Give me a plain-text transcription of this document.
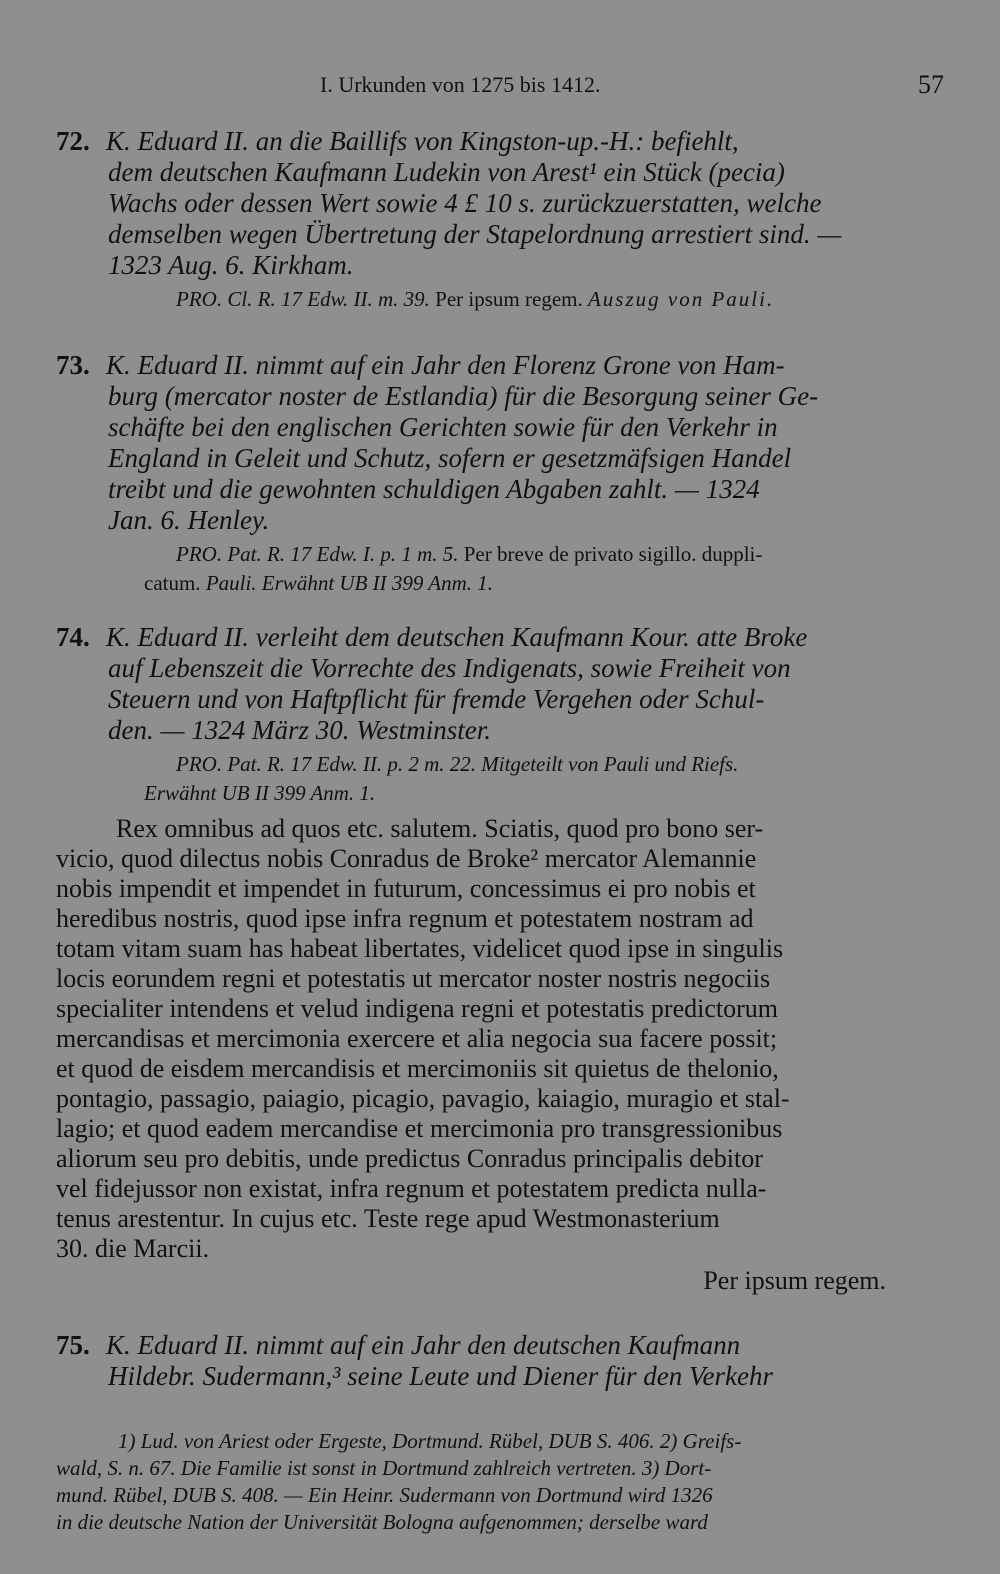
I. Urkunden von 1275 bis 1412.	57
72. K. Eduard II. an die Baillifs von Kingston-up.-H.: befiehlt,
dem deutschen Kaufmann Ludekin von Arest¹ ein Stück (pecia)
Wachs oder dessen Wert sowie 4 £ 10 s. zurückzuerstatten, welche
demselben wegen Übertretung der Stapelordnung arrestiert sind. —
1323 Aug. 6. Kirkham.
PRO. Cl. R. 17 Edw. II. m. 39. Per ipsum regem. Auszug von Pauli.
73. K. Eduard II. nimmt auf ein Jahr den Florenz Grone von Ham-
burg (mercator noster de Estlandia) für die Besorgung seiner Ge-
schäfte bei den englischen Gerichten sowie für den Verkehr in
England in Geleit und Schutz, sofern er gesetzmäfsigen Handel
treibt und die gewohnten schuldigen Abgaben zahlt. — 1324
Jan. 6. Henley.
PRO. Pat. R. 17 Edw. I. p. 1 m. 5. Per breve de privato sigillo. duppli-
catum. Pauli. Erwähnt UB II 399 Anm. 1.
74. K. Eduard II. verleiht dem deutschen Kaufmann Kour. atte Broke
auf Lebenszeit die Vorrechte des Indigenats, sowie Freiheit von
Steuern und von Haftpflicht für fremde Vergehen oder Schul-
den. — 1324 März 30. Westminster.
PRO. Pat. R. 17 Edw. II. p. 2 m. 22. Mitgeteilt von Pauli und Riefs.
Erwähnt UB II 399 Anm. 1.
Rex omnibus ad quos etc. salutem. Sciatis, quod pro bono ser-
vicio, quod dilectus nobis Conradus de Broke² mercator Alemannie
nobis impendit et impendet in futurum, concessimus ei pro nobis et
heredibus nostris, quod ipse infra regnum et potestatem nostram ad
totam vitam suam has habeat libertates, videlicet quod ipse in singulis
locis eorundem regni et potestatis ut mercator noster nostris negociis
specialiter intendens et velud indigena regni et potestatis predictorum
mercandisas et mercimonia exercere et alia negocia sua facere possit;
et quod de eisdem mercandisis et mercimoniis sit quietus de thelonio,
pontagio, passagio, paiagio, picagio, pavagio, kaiagio, muragio et stal-
lagio; et quod eadem mercandise et mercimonia pro transgressionibus
aliorum seu pro debitis, unde predictus Conradus principalis debitor
vel fidejussor non existat, infra regnum et potestatem predicta nulla-
tenus arestentur. In cujus etc. Teste rege apud Westmonasterium
30. die Marcii.
Per ipsum regem.
75. K. Eduard II. nimmt auf ein Jahr den deutschen Kaufmann
Hildebr. Sudermann,³ seine Leute und Diener für den Verkehr
1) Lud. von Ariest oder Ergeste, Dortmund. Rübel, DUB S. 406. 2) Greifs-
wald, S. n. 67. Die Familie ist sonst in Dortmund zahlreich vertreten. 3) Dort-
mund. Rübel, DUB S. 408. — Ein Heinr. Sudermann von Dortmund wird 1326
in die deutsche Nation der Universität Bologna aufgenommen; derselbe ward
